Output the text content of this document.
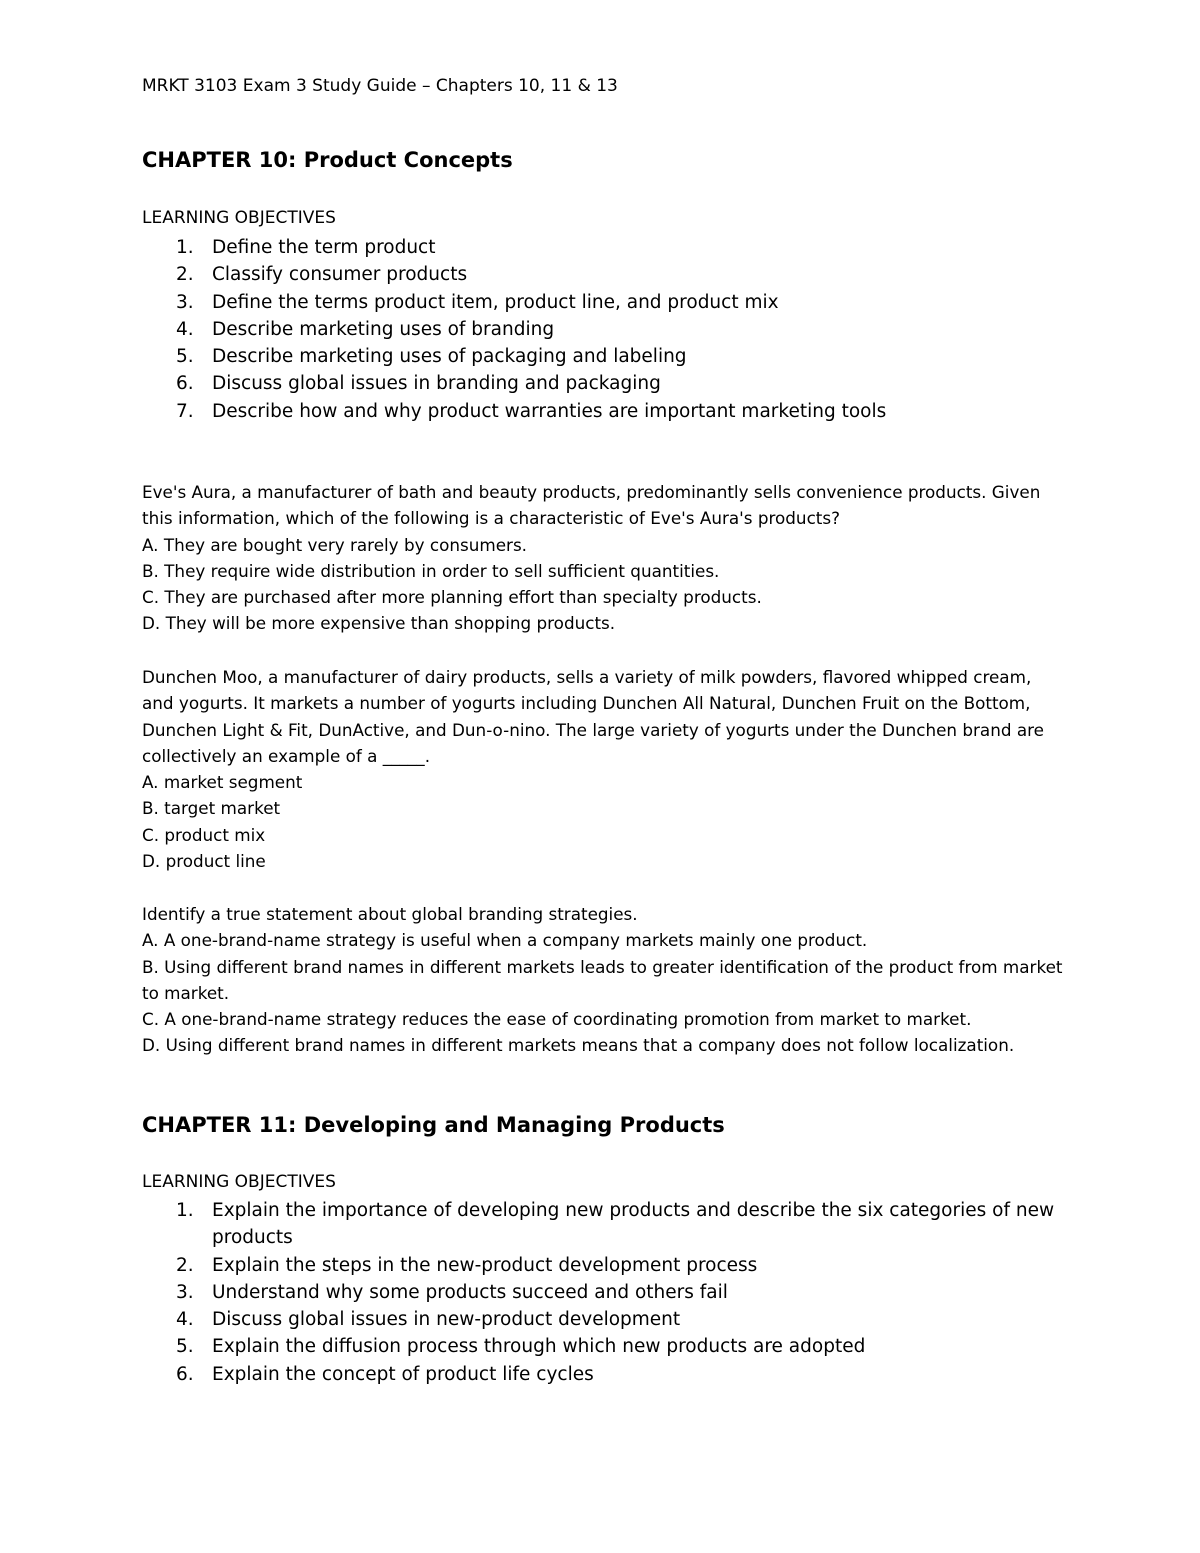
MRKT 3103 Exam 3 Study Guide – Chapters 10, 11 & 13
CHAPTER 10: Product Concepts
LEARNING OBJECTIVES
1. Define the term product
2. Classify consumer products
3. Define the terms product item, product line, and product mix
4. Describe marketing uses of branding
5. Describe marketing uses of packaging and labeling
6. Discuss global issues in branding and packaging
7. Describe how and why product warranties are important marketing tools

Eve's Aura, a manufacturer of bath and beauty products, predominantly sells convenience products. Given this information, which of the following is a characteristic of Eve's Aura's products?

A. They are bought very rarely by consumers.

B. They require wide distribution in order to sell sufficient quantities.

C. They are purchased after more planning effort than specialty products.

D. They will be more expensive than shopping products.

Dunchen Moo, a manufacturer of dairy products, sells a variety of milk powders, flavored whipped cream, and yogurts. It markets a number of yogurts including Dunchen All Natural, Dunchen Fruit on the Bottom, Dunchen Light & Fit, DunActive, and Dun-o-nino. The large variety of yogurts under the Dunchen brand are collectively an example of a _____.

A. market segment

B. target market

C. product mix

D. product line

Identify a true statement about global branding strategies.

A. A one-brand-name strategy is useful when a company markets mainly one product.

B. Using different brand names in different markets leads to greater identification of the product from market to market.

C. A one-brand-name strategy reduces the ease of coordinating promotion from market to market.

D. Using different brand names in different markets means that a company does not follow localization.

CHAPTER 11: Developing and Managing Products
LEARNING OBJECTIVES
1. Explain the importance of developing new products and describe the six categories of new products
2. Explain the steps in the new-product development process
3. Understand why some products succeed and others fail
4. Discuss global issues in new-product development
5. Explain the diffusion process through which new products are adopted
6. Explain the concept of product life cycles
